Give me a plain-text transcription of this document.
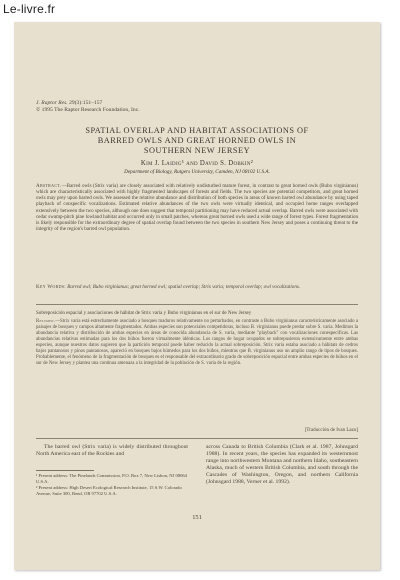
Le-livre.fr
J. Raptor Res. 29(3):151–157
© 1995 The Raptor Research Foundation, Inc.
SPATIAL OVERLAP AND HABITAT ASSOCIATIONS OF
BARRED OWLS AND GREAT HORNED OWLS IN
SOUTHERN NEW JERSEY
Kim J. Laidig¹ and David S. Dobkin²
Department of Biology, Rutgers University, Camden, NJ 08102 U.S.A.
Abstract.—Barred owls (Strix varia) are closely associated with relatively undisturbed mature forest, in contrast to great horned owls (Bubo virginianus) which are characteristically associated with highly fragmented landscapes of forests and fields. The two species are potential competitors, and great horned owls may prey upon barred owls. We assessed the relative abundance and distribution of both species in areas of known barred owl abundance by using taped playback of conspecific vocalizations. Estimated relative abundances of the two owls were virtually identical, and occupied home ranges overlapped extensively between the two species, although one does suggest that temporal partitioning may have reduced actual overlap. Barred owls were associated with cedar swamp-pitch pine lowland habitat and occurred only in small patches, whereas great horned owls used a wide range of forest types. Forest fragmentation is likely responsible for the extraordinary degree of spatial overlap found between the two species in southern New Jersey and poses a continuing threat to the integrity of the region's barred owl population.
Key Words: Barred owl; Bubo virginianus; great horned owl; spatial overlap; Strix varia; temporal overlap; owl vocalizations.
Sobreposición espacial y asociaciones de hábitat de Strix varia y Bubo virginianus en el sur de New Jersey
Resumen.—Strix varia está estrechamente asociado a bosques maduros relativamente no perturbados, en contraste a Bubo virginianus característicamente asociado a paisajes de bosques y campos altamente fragmentados. Ambas especies son potenciales competidoras, incluso B. virginianus puede predar sobre S. varia. Medimos la abundancia relativa y distribución de ambas especies en áreas de conocida abundancia de S. varia, mediante "playback" con vocalizaciones conespecíficas. Las abundancias relativas estimadas para los dos búhos fueron virtualmente idénticas. Los rangos de hogar ocupados se sobrepusieron extensivamente entre ambas especies, aunque nuestros datos sugieren que la partición temporal puede haber reducido la actual sobreposición. Strix varia estaba asociado a hábitats de cedros bajos pantanosos y pinos pantanosos, apareció en bosques bajos húmedos para los dos búhos, mientras que B. virginianus uso un amplio rango de tipos de bosques. Probablemente, el fenómeno de la fragmentación de bosques es el responsable del extraordinario grado de sobreposición espacial entre ambas especies de búhos en el sur de New Jersey y plantea una continua amenaza a la integridad de la población de S. varia de la región.
[Traducción de Ivan Lazo]

The barred owl (Strix varia) is widely distributed throughout North America east of the Rockies and

¹ Present address: The Pinelands Commission, P.O. Box 7, New Lisbon, NJ 08064 U.S.A.

² Present address: High Desert Ecological Research Institute, 15 S.W. Colorado Avenue, Suite 300, Bend, OR 97702 U.S.A.

across Canada to British Columbia (Clark et al. 1987, Johnsgard 1988). In recent years, the species has expanded its westernmost range into northwestern Montana and northern Idaho, southeastern Alaska, much of western British Columbia, and south through the Cascades of Washington, Oregon, and northern California (Johnsgard 1988, Verner et al. 1992).

151
